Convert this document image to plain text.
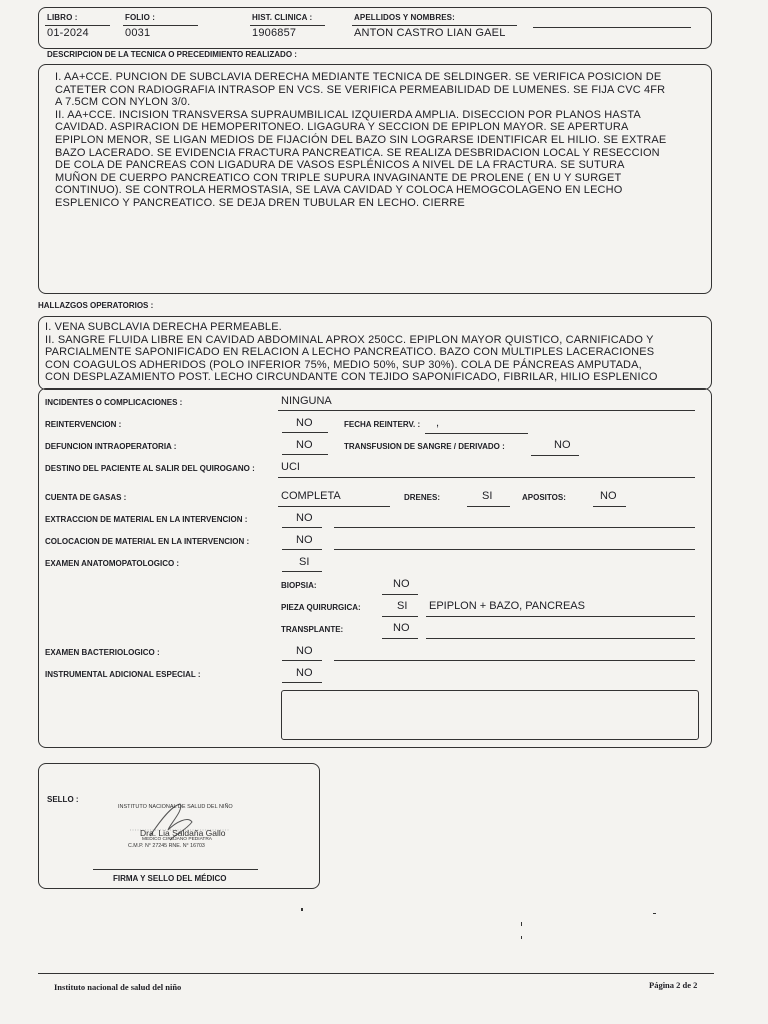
LIBRO :
01-2024
FOLIO :
0031
HIST. CLINICA :
1906857
APELLIDOS Y NOMBRES:
ANTON CASTRO LIAN GAEL
DESCRIPCION DE LA TECNICA O PRECEDIMIENTO REALIZADO :
I. AA+CCE. PUNCION DE SUBCLAVIA DERECHA MEDIANTE TECNICA DE SELDINGER. SE VERIFICA POSICION DE
CATETER CON RADIOGRAFIA INTRASOP EN VCS. SE VERIFICA PERMEABILIDAD DE LUMENES. SE FIJA CVC 4FR
A 7.5CM CON NYLON 3/0.
II. AA+CCE. INCISION TRANSVERSA SUPRAUMBILICAL IZQUIERDA AMPLIA. DISECCION POR PLANOS HASTA
CAVIDAD. ASPIRACION DE HEMOPERITONEO. LIGAGURA Y SECCION DE EPIPLON MAYOR. SE APERTURA
EPIPLON MENOR, SE LIGAN MEDIOS DE FIJACIÓN DEL BAZO SIN LOGRARSE IDENTIFICAR EL HILIO. SE EXTRAE
BAZO LACERADO. SE EVIDENCIA FRACTURA PANCREATICA. SE REALIZA DESBRIDACION LOCAL Y RESECCION
DE COLA DE PANCREAS CON LIGADURA DE VASOS ESPLÉNICOS A NIVEL DE LA FRACTURA. SE SUTURA
MUÑON DE CUERPO PANCREATICO CON TRIPLE SUPURA INVAGINANTE DE PROLENE ( EN U Y SURGET
CONTINUO). SE CONTROLA HERMOSTASIA, SE LAVA CAVIDAD Y COLOCA HEMOGCOLAGENO EN LECHO
ESPLENICO Y PANCREATICO. SE DEJA DREN TUBULAR EN LECHO. CIERRE
HALLAZGOS OPERATORIOS :
I. VENA SUBCLAVIA DERECHA PERMEABLE.
II. SANGRE FLUIDA LIBRE EN CAVIDAD ABDOMINAL APROX 250CC. EPIPLON MAYOR QUISTICO, CARNIFICADO Y
PARCIALMENTE SAPONIFICADO EN RELACION A LECHO PANCREATICO. BAZO CON MULTIPLES LACERACIONES
CON COAGULOS ADHERIDOS (POLO INFERIOR 75%, MEDIO 50%, SUP 30%). COLA DE PÁNCREAS AMPUTADA,
CON DESPLAZAMIENTO POST. LECHO CIRCUNDANTE CON TEJIDO SAPONIFICADO, FIBRILAR, HILIO ESPLENICO
INCIDENTES O COMPLICACIONES :	NINGUNA
REINTERVENCION :	NO	FECHA REINTERV. : ,
DEFUNCION INTRAOPERATORIA :	NO	TRANSFUSION DE SANGRE / DERIVADO :	NO
DESTINO DEL PACIENTE AL SALIR DEL QUIROGANO : UCI
CUENTA DE GASAS :	COMPLETA	DRENES:	SI	APOSITOS:	NO
EXTRACCION DE MATERIAL EN LA INTERVENCION :	NO
COLOCACION DE MATERIAL EN LA INTERVENCION :	NO
EXAMEN ANATOMOPATOLOGICO :	SI
BIOPSIA:	NO
PIEZA QUIRURGICA:	SI EPIPLON + BAZO, PANCREAS
TRANSPLANTE:	NO
EXAMEN BACTERIOLOGICO :	NO
INSTRUMENTAL ADICIONAL ESPECIAL :	NO
SELLO :
INSTITUTO NACIONAL DE SALUD DEL NIÑO
Dra. Lia Saldaña Gallo
MEDICO CIRUJANO PEDIATRA
C.M.P. N° 27245 RNE. N° 16703
FIRMA Y SELLO DEL MÉDICO
Instituto nacional de salud del niño	Página 2 de 2
